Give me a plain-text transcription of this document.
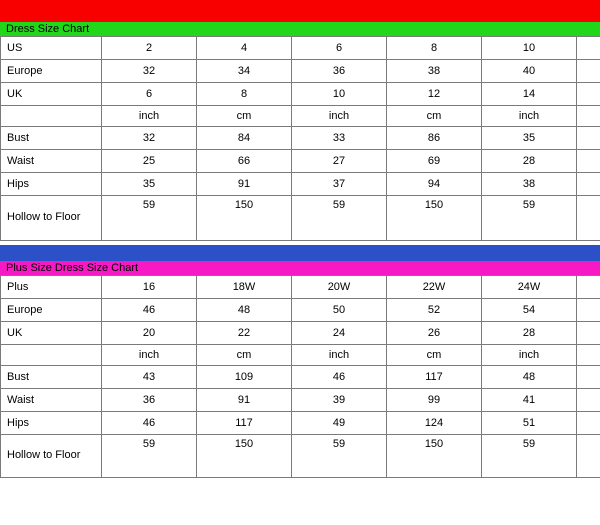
Dress Size Chart
US	2	4	6	8	10		
Europe	32	34	36	38	40		
UK	6	8	10	12	14		
	inch	cm	inch	cm	inch									
Bust	32	84	33	86	35									
Waist	25	66	27	69	28									
Hips	35	91	37	94	38									
Hollow to Floor	59	150	59	150	59									
Plus Size Dress Size Chart
Plus	16	18W	20W	22W	24W		
Europe	46	48	50	52	54		
UK	20	22	24	26	28		
	inch	cm	inch	cm	inch									
Bust	43	109	46	117	48									
Waist	36	91	39	99	41									
Hips	46	117	49	124	51									
Hollow to Floor	59	150	59	150	59									
